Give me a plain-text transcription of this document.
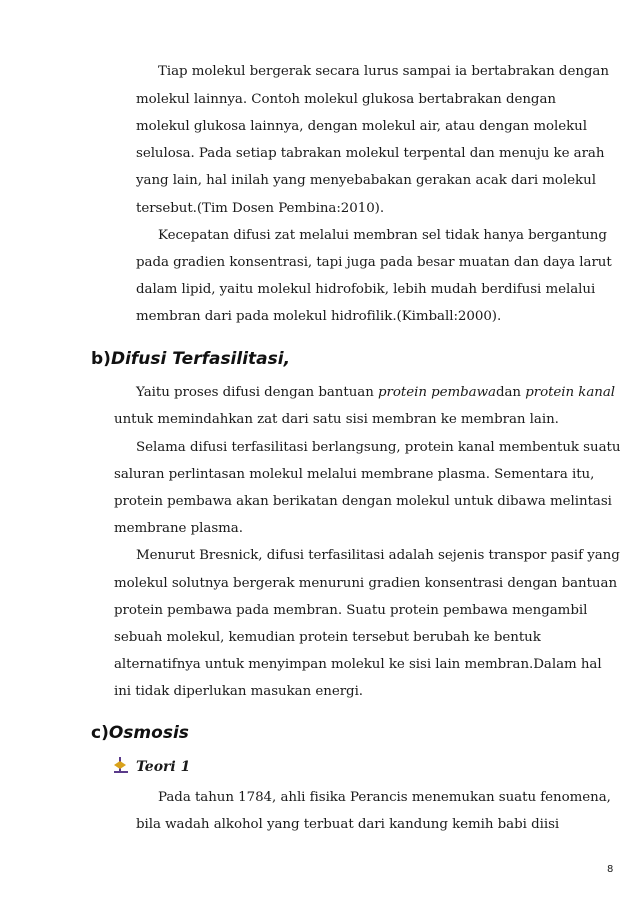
Tiap molekul bergerak secara lurus sampai ia bertabrakan dengan
molekul lainnya. Contoh molekul glukosa bertabrakan dengan
molekul glukosa lainnya, dengan molekul air, atau dengan molekul
selulosa. Pada setiap tabrakan molekul terpental dan menuju ke arah
yang lain, hal inilah yang menyebabakan gerakan acak dari molekul
tersebut.(Tim Dosen Pembina:2010).
Kecepatan difusi zat melalui membran sel tidak hanya bergantung
pada gradien konsentrasi, tapi juga pada besar muatan dan daya larut
dalam lipid, yaitu molekul hidrofobik, lebih mudah berdifusi melalui
membran dari pada molekul hidrofilik.(Kimball:2000).
b)Difusi Terfasilitasi,
Yaitu proses difusi dengan bantuan protein pembawadan protein kanal
untuk memindahkan zat dari satu sisi membran ke membran lain.
Selama difusi terfasilitasi berlangsung, protein kanal membentuk suatu
saluran perlintasan molekul melalui membrane plasma. Sementara itu,
protein pembawa akan berikatan dengan molekul untuk dibawa melintasi
membrane plasma.
Menurut Bresnick, difusi terfasilitasi adalah sejenis transpor pasif yang
molekul solutnya bergerak menuruni gradien konsentrasi dengan bantuan
protein pembawa pada membran. Suatu protein pembawa mengambil
sebuah molekul, kemudian protein tersebut berubah ke bentuk
alternatifnya untuk menyimpan molekul ke sisi lain membran.Dalam hal
ini tidak diperlukan masukan energi.
c)Osmosis
Teori 1
Pada tahun 1784, ahli fisika Perancis menemukan suatu fenomena,
bila wadah alkohol yang terbuat dari kandung kemih babi diisi
8
